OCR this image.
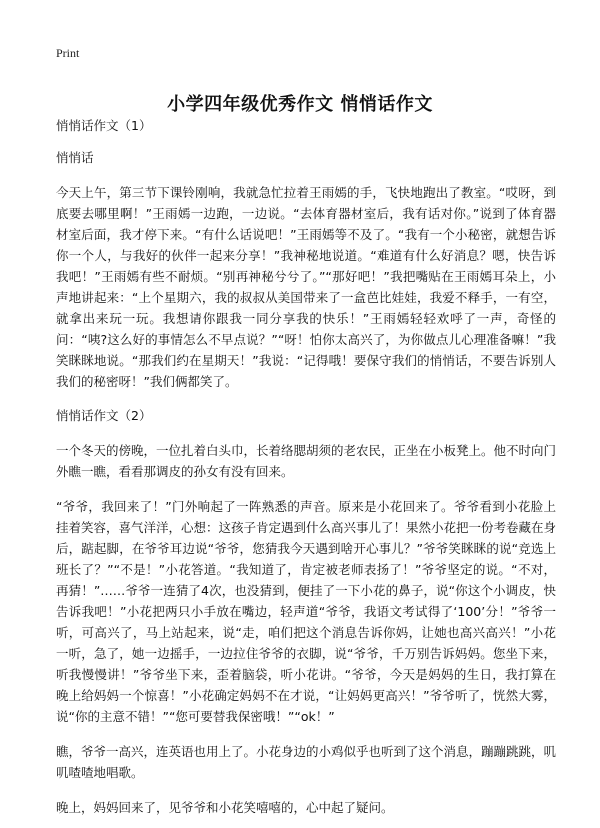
Print
小学四年级优秀作文 悄悄话作文

悄悄话作文（1）

悄悄话

今天上午，第三节下课铃刚响，我就急忙拉着王雨嫣的手，飞快地跑出了教室。“哎呀，到底要去哪里啊！”王雨嫣一边跑，一边说。“去体育器材室后，我有话对你。”说到了体育器材室后面，我才停下来。“有什么话说吧！”王雨嫣等不及了。“我有一个小秘密，就想告诉你一个人，与我好的伙伴一起来分享！”我神秘地说道。“难道有什么好消息？嗯，快告诉我吧！”王雨嫣有些不耐烦。“别再神秘兮兮了。”“那好吧！”我把嘴贴在王雨嫣耳朵上，小声地讲起来：“上个星期六，我的叔叔从美国带来了一盒芭比娃娃，我爱不释手，一有空，就拿出来玩一玩。我想请你跟我一同分享我的快乐！”王雨嫣轻轻欢呼了一声，奇怪的问：“咦?这么好的事情怎么不早点说？”“呀！怕你太高兴了，为你做点儿心理准备嘛！”我笑眯眯地说。“那我们约在星期天！”我说：“记得哦！要保守我们的悄悄话，不要告诉别人我们的秘密呀！”我们俩都笑了。

悄悄话作文（2）

一个冬天的傍晚，一位扎着白头巾，长着络腮胡须的老农民，正坐在小板凳上。他不时向门外瞧一瞧，看看那调皮的孙女有没有回来。

“爷爷，我回来了！”门外响起了一阵熟悉的声音。原来是小花回来了。爷爷看到小花脸上挂着笑容，喜气洋洋，心想：这孩子肯定遇到什么高兴事儿了！果然小花把一份考卷藏在身后，踮起脚，在爷爷耳边说“爷爷，您猜我今天遇到啥开心事儿？”爷爷笑眯眯的说“竞选上班长了？”“不是！”小花答道。“我知道了，肯定被老师表扬了！”爷爷坚定的说。“不对，再猜！”……爷爷一连猜了4次，也没猜到，便挂了一下小花的鼻子，说“你这个小调皮，快告诉我吧！”小花把两只小手放在嘴边，轻声道“爷爷，我语文考试得了‘100’分！”爷爷一听，可高兴了，马上站起来，说“走，咱们把这个消息告诉你妈，让她也高兴高兴！”小花一听，急了，她一边摇手，一边拉住爷爷的衣脚，说“爷爷，千万别告诉妈妈。您坐下来，听我慢慢讲！”爷爷坐下来，歪着脑袋，听小花讲。“爷爷，今天是妈妈的生日，我打算在晚上给妈妈一个惊喜！”小花确定妈妈不在才说，“让妈妈更高兴！”爷爷听了，恍然大雾，说“你的主意不错！”“您可要替我保密哦！”“ok！”

瞧，爷爷一高兴，连英语也用上了。小花身边的小鸡似乎也听到了这个消息，蹦蹦跳跳，叽叽喳喳地唱歌。

晚上，妈妈回来了，见爷爷和小花笑嘻嘻的，心中起了疑问。
